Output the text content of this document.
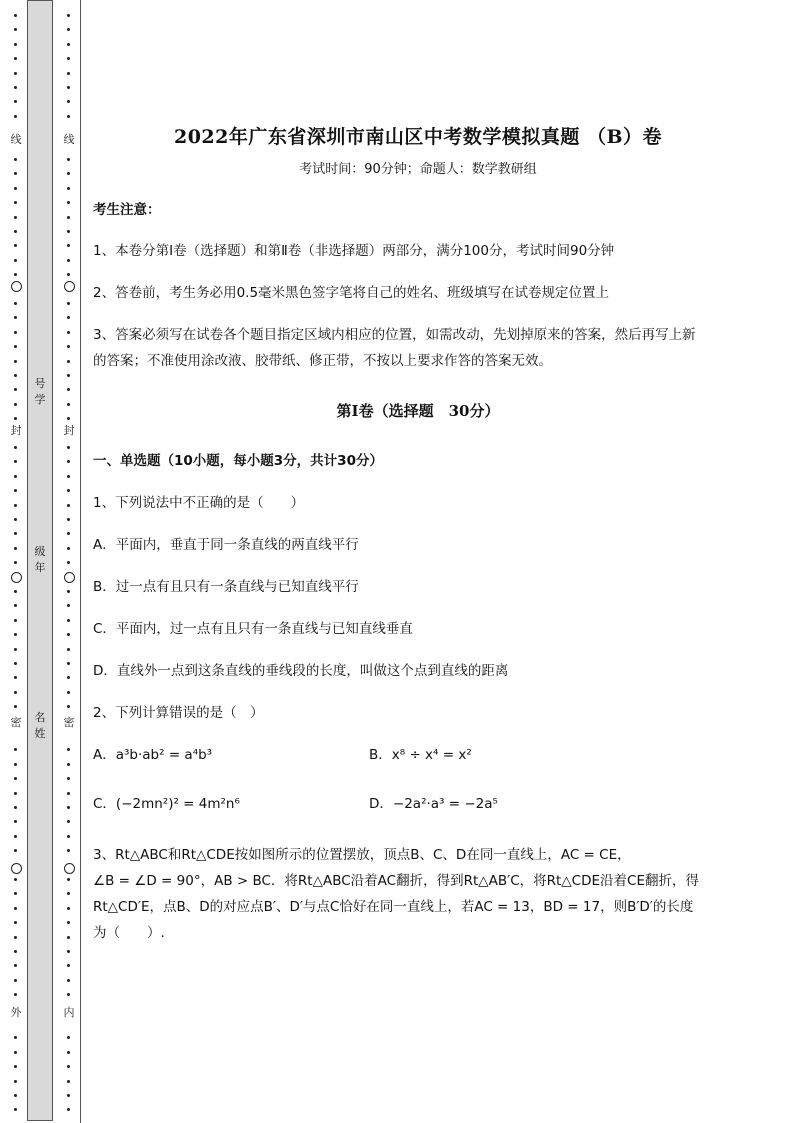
线
封
密
外
线
封
密
内
号
学
级
年
名
姓
2022年广东省深圳市南山区中考数学模拟真题 （B）卷
考试时间：90分钟；命题人：数学教研组
考生注意：
1、本卷分第Ⅰ卷（选择题）和第Ⅱ卷（非选择题）两部分，满分100分，考试时间90分钟
2、答卷前，考生务必用0.5毫米黑色签字笔将自己的姓名、班级填写在试卷规定位置上
3、答案必须写在试卷各个题目指定区域内相应的位置，如需改动，先划掉原来的答案，然后再写上新
的答案；不准使用涂改液、胶带纸、修正带，不按以上要求作答的答案无效。
第Ⅰ卷（选择题　30分）
一、单选题（10小题，每小题3分，共计30分）
1、下列说法中不正确的是（　　）
A．平面内，垂直于同一条直线的两直线平行
B．过一点有且只有一条直线与已知直线平行
C．平面内，过一点有且只有一条直线与已知直线垂直
D．直线外一点到这条直线的垂线段的长度，叫做这个点到直线的距离
2、下列计算错误的是（　）
A．a³b·ab² = a⁴b³	B．x⁸ ÷ x⁴ = x²
C．(−2mn²)² = 4m²n⁶	D．−2a²·a³ = −2a⁵
3、Rt△ABC和Rt△CDE按如图所示的位置摆放，顶点B、C、D在同一直线上，AC = CE，
∠B = ∠D = 90°，AB > BC．将Rt△ABC沿着AC翻折，得到Rt△AB′C，将Rt△CDE沿着CE翻折，得
Rt△CD′E，点B、D的对应点B′、D′与点C恰好在同一直线上，若AC = 13，BD = 17，则B′D′的长度
为（　　）.
